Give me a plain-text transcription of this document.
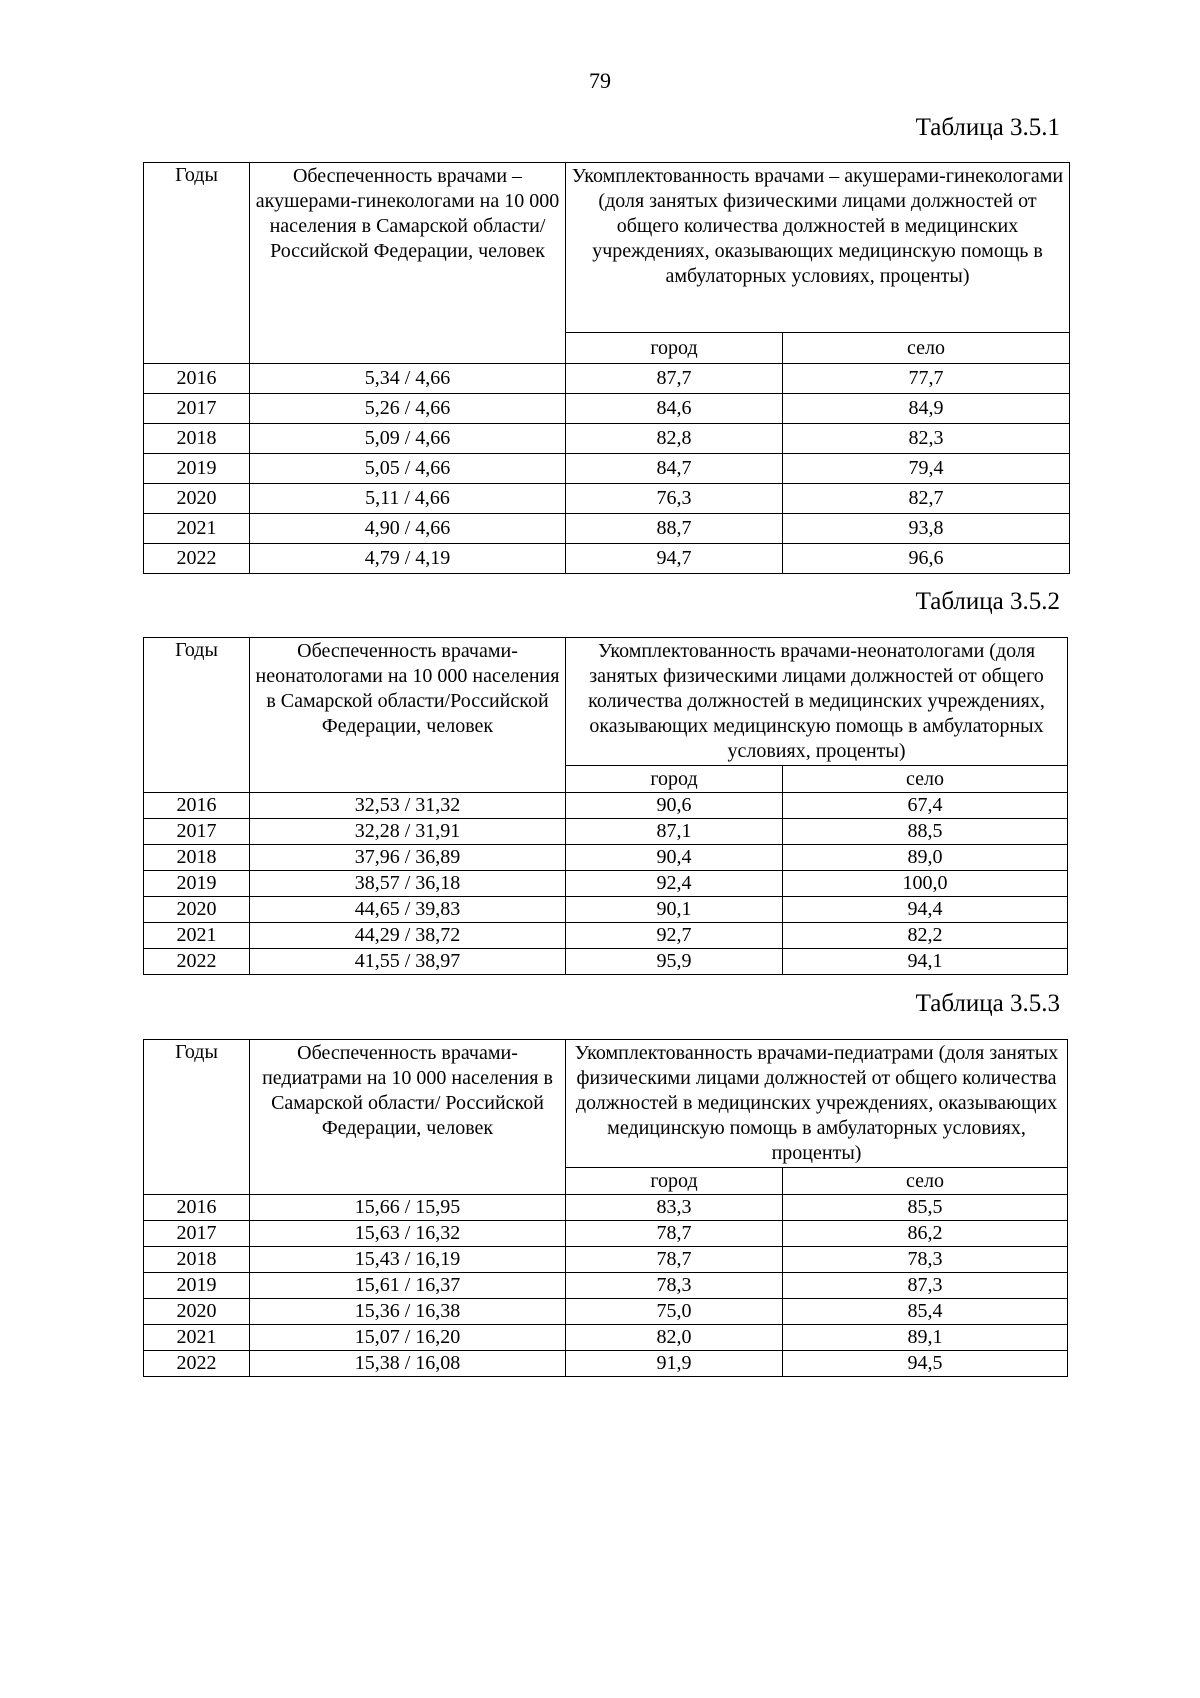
79
Таблица 3.5.1
Годы	Обеспеченность врачами – акушерами-гинекологами на 10 000 населения в Самарской области/Российской Федерации, человек	Укомплектованность врачами – акушерами-гинекологами (доля занятых физическими лицами должностей от общего количества должностей в медицинских учреждениях, оказывающих медицинскую помощь в амбулаторных условиях, проценты)	
		город	село
2016	5,34 / 4,66	87,7	77,7
2017	5,26 / 4,66	84,6	84,9
2018	5,09 / 4,66	82,8	82,3
2019	5,05 / 4,66	84,7	79,4
2020	5,11 / 4,66	76,3	82,7
2021	4,90 / 4,66	88,7	93,8
2022	4,79 / 4,19	94,7	96,6
Таблица 3.5.2
Годы	Обеспеченность врачами-неонатологами на 10 000 населения в Самарской области/Российской Федерации, человек	Укомплектованность врачами-неонатологами (доля занятых физическими лицами должностей от общего количества должностей в медицинских учреждениях, оказывающих медицинскую помощь в амбулаторных условиях, проценты)	
		город	село
2016	32,53 / 31,32	90,6	67,4
2017	32,28 / 31,91	87,1	88,5
2018	37,96 / 36,89	90,4	89,0
2019	38,57 / 36,18	92,4	100,0
2020	44,65 / 39,83	90,1	94,4
2021	44,29 / 38,72	92,7	82,2
2022	41,55 / 38,97	95,9	94,1
Таблица 3.5.3
Годы	Обеспеченность врачами-педиатрами на 10 000 населения в Самарской области/ Российской Федерации, человек	Укомплектованность врачами-педиатрами (доля занятых физическими лицами должностей от общего количества должностей в медицинских учреждениях, оказывающих медицинскую помощь в амбулаторных условиях, проценты)	
		город	село
2016	15,66 / 15,95	83,3	85,5
2017	15,63 / 16,32	78,7	86,2
2018	15,43 / 16,19	78,7	78,3
2019	15,61 / 16,37	78,3	87,3
2020	15,36 / 16,38	75,0	85,4
2021	15,07 / 16,20	82,0	89,1
2022	15,38 / 16,08	91,9	94,5
